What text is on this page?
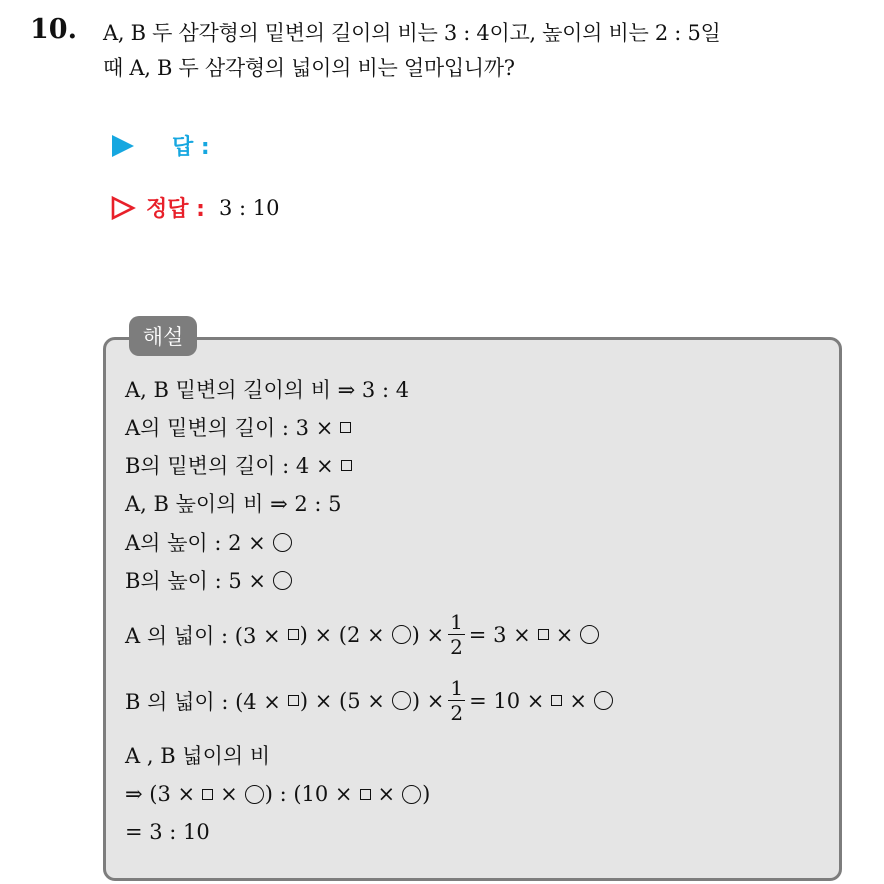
10. A, B 두 삼각형의 밑변의 길이의 비는 3 : 4이고, 높이의 비는 2 : 5일
때 A, B 두 삼각형의 넓이의 비는 얼마입니까?
답 :
정답 : 3 : 10
해설
A, B 밑변의 길이의 비 ⇒ 3 : 4
A의 밑변의 길이 : 3 ×
B의 밑변의 길이 : 4 ×
A, B 높이의 비 ⇒ 2 : 5
A의 높이 : 2 ×
B의 높이 : 5 ×
A 의 넓이 : (3 × ) × (2 × ) × $\frac{1}{2} = 3$ × ×
B 의 넓이 : (4 × ) × (5 × ) × $\frac{1}{2} = 10$ × ×
A , B 넓이의 비
⇒ (3 × × ) : (10 × × )
= 3 : 10
